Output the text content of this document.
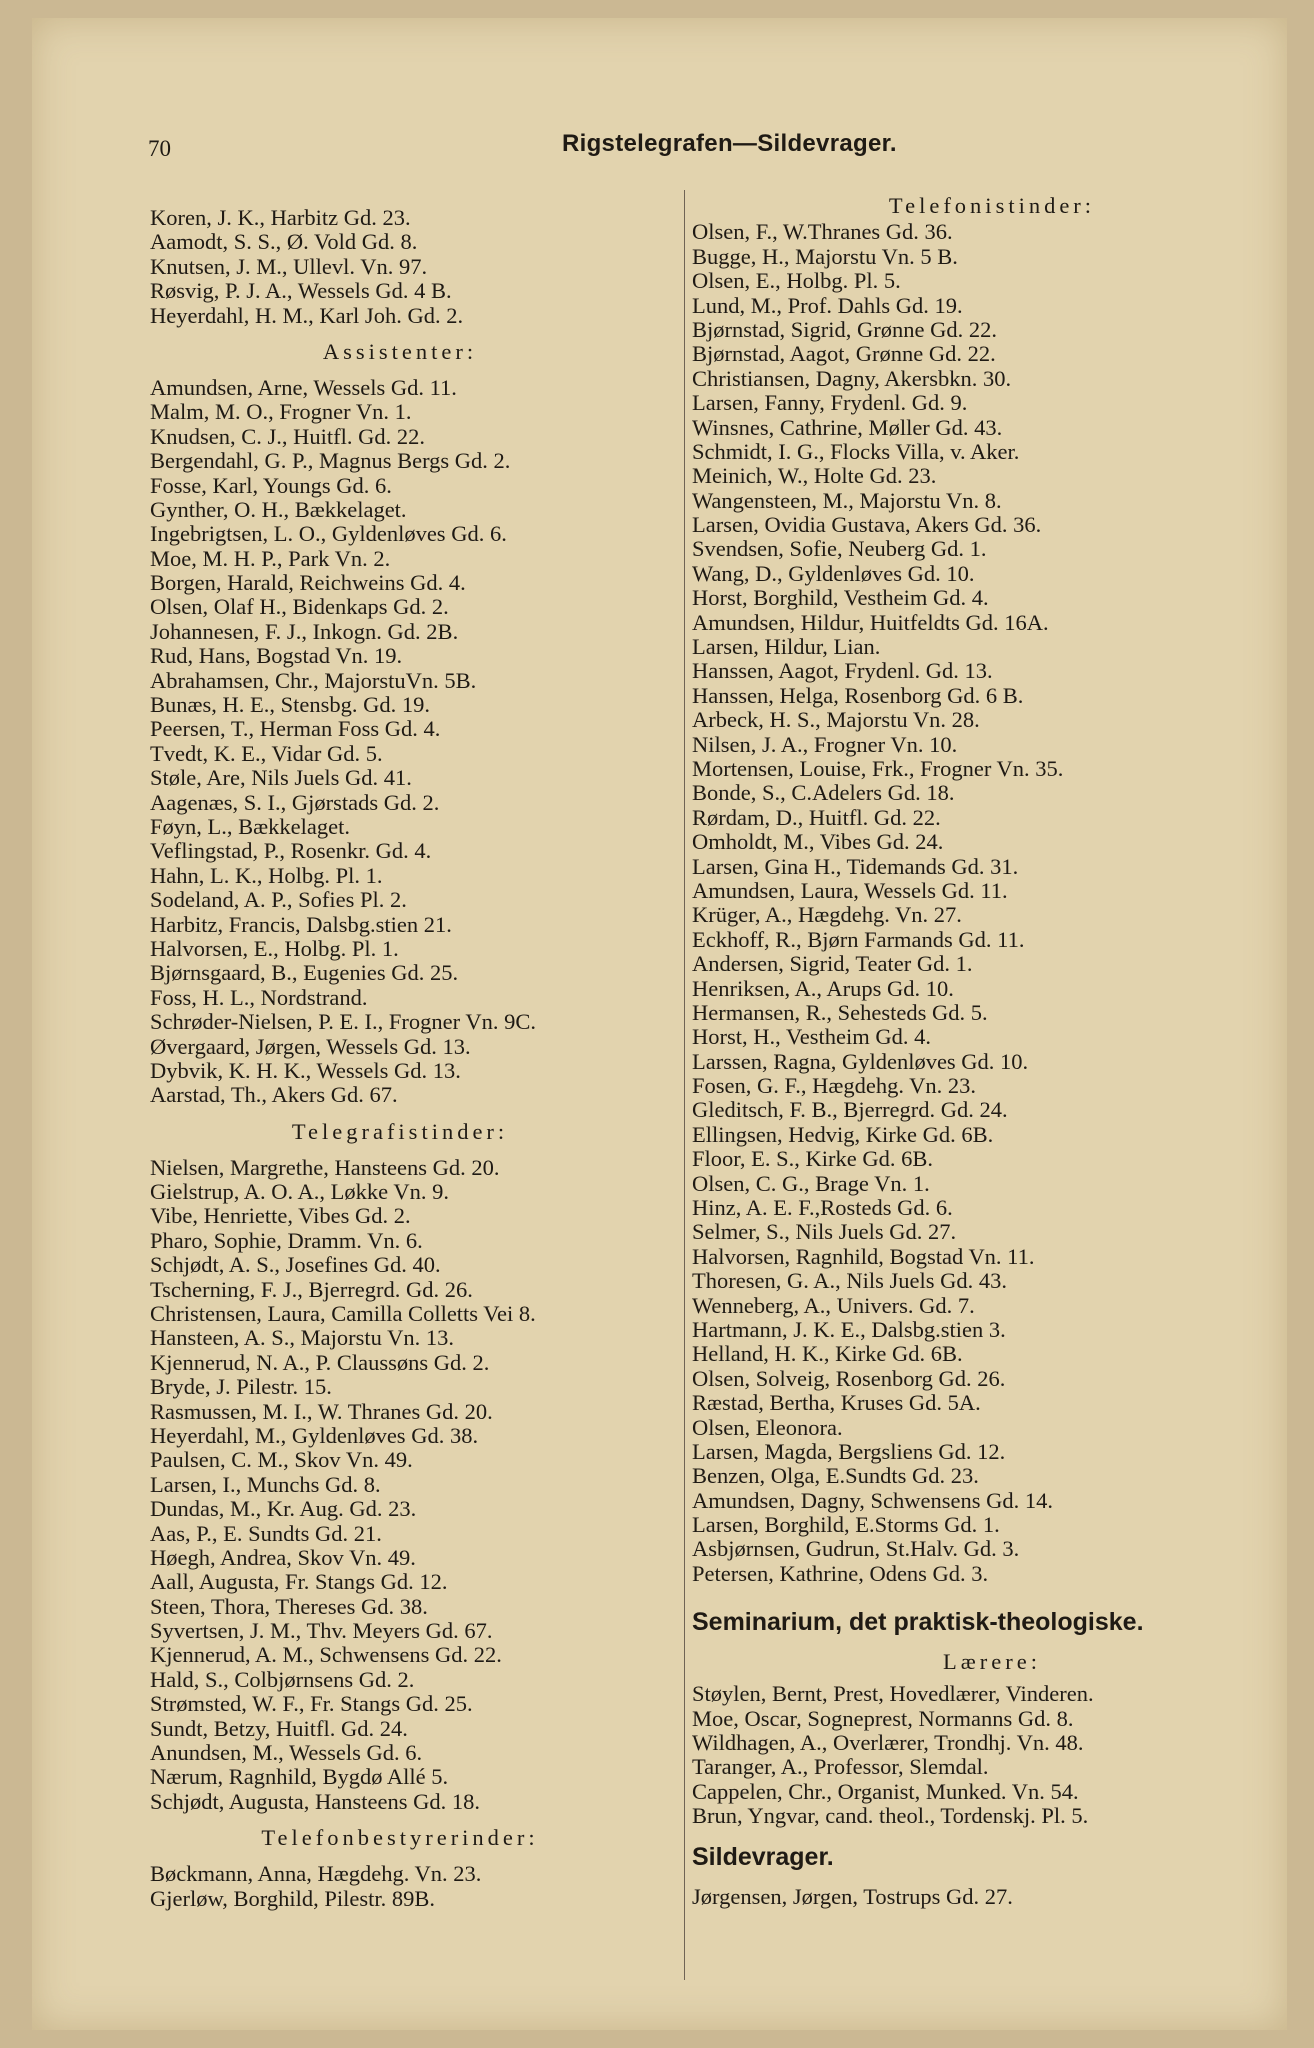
70	Rigstelegrafen—Sildevrager.
Koren, J. K., Harbitz Gd. 23.
Aamodt, S. S., Ø. Vold Gd. 8.
Knutsen, J. M., Ullevl. Vn. 97.
Røsvig, P. J. A., Wessels Gd. 4 B.
Heyerdahl, H. M., Karl Joh. Gd. 2.
Assistenter:
Amundsen, Arne, Wessels Gd. 11.
Malm, M. O., Frogner Vn. 1.
Knudsen, C. J., Huitfl. Gd. 22.
Bergendahl, G. P., Magnus Bergs Gd. 2.
Fosse, Karl, Youngs Gd. 6.
Gynther, O. H., Bækkelaget.
Ingebrigtsen, L. O., Gyldenløves Gd. 6.
Moe, M. H. P., Park Vn. 2.
Borgen, Harald, Reichweins Gd. 4.
Olsen, Olaf H., Bidenkaps Gd. 2.
Johannesen, F. J., Inkogn. Gd. 2B.
Rud, Hans, Bogstad Vn. 19.
Abrahamsen, Chr., MajorstuVn. 5B.
Bunæs, H. E., Stensbg. Gd. 19.
Peersen, T., Herman Foss Gd. 4.
Tvedt, K. E., Vidar Gd. 5.
Støle, Are, Nils Juels Gd. 41.
Aagenæs, S. I., Gjørstads Gd. 2.
Føyn, L., Bækkelaget.
Veflingstad, P., Rosenkr. Gd. 4.
Hahn, L. K., Holbg. Pl. 1.
Sodeland, A. P., Sofies Pl. 2.
Harbitz, Francis, Dalsbg.stien 21.
Halvorsen, E., Holbg. Pl. 1.
Bjørnsgaard, B., Eugenies Gd. 25.
Foss, H. L., Nordstrand.
Schrøder-Nielsen, P. E. I., Frogner Vn. 9C.
Øvergaard, Jørgen, Wessels Gd. 13.
Dybvik, K. H. K., Wessels Gd. 13.
Aarstad, Th., Akers Gd. 67.
Telegrafistinder:
Nielsen, Margrethe, Hansteens Gd. 20.
Gielstrup, A. O. A., Løkke Vn. 9.
Vibe, Henriette, Vibes Gd. 2.
Pharo, Sophie, Dramm. Vn. 6.
Schjødt, A. S., Josefines Gd. 40.
Tscherning, F. J., Bjerregrd. Gd. 26.
Christensen, Laura, Camilla Colletts Vei 8.
Hansteen, A. S., Majorstu Vn. 13.
Kjennerud, N. A., P. Claussøns Gd. 2.
Bryde, J. Pilestr. 15.
Rasmussen, M. I., W. Thranes Gd. 20.
Heyerdahl, M., Gyldenløves Gd. 38.
Paulsen, C. M., Skov Vn. 49.
Larsen, I., Munchs Gd. 8.
Dundas, M., Kr. Aug. Gd. 23.
Aas, P., E. Sundts Gd. 21.
Høegh, Andrea, Skov Vn. 49.
Aall, Augusta, Fr. Stangs Gd. 12.
Steen, Thora, Thereses Gd. 38.
Syvertsen, J. M., Thv. Meyers Gd. 67.
Kjennerud, A. M., Schwensens Gd. 22.
Hald, S., Colbjørnsens Gd. 2.
Strømsted, W. F., Fr. Stangs Gd. 25.
Sundt, Betzy, Huitfl. Gd. 24.
Anundsen, M., Wessels Gd. 6.
Nærum, Ragnhild, Bygdø Allé 5.
Schjødt, Augusta, Hansteens Gd. 18.
Telefonbestyrerinder:
Bøckmann, Anna, Hægdehg. Vn. 23.
Gjerløw, Borghild, Pilestr. 89B.
Telefonistinder:
Olsen, F., W.Thranes Gd. 36.
Bugge, H., Majorstu Vn. 5 B.
Olsen, E., Holbg. Pl. 5.
Lund, M., Prof. Dahls Gd. 19.
Bjørnstad, Sigrid, Grønne Gd. 22.
Bjørnstad, Aagot, Grønne Gd. 22.
Christiansen, Dagny, Akersbkn. 30.
Larsen, Fanny, Frydenl. Gd. 9.
Winsnes, Cathrine, Møller Gd. 43.
Schmidt, I. G., Flocks Villa, v. Aker.
Meinich, W., Holte Gd. 23.
Wangensteen, M., Majorstu Vn. 8.
Larsen, Ovidia Gustava, Akers Gd. 36.
Svendsen, Sofie, Neuberg Gd. 1.
Wang, D., Gyldenløves Gd. 10.
Horst, Borghild, Vestheim Gd. 4.
Amundsen, Hildur, Huitfeldts Gd. 16A.
Larsen, Hildur, Lian.
Hanssen, Aagot, Frydenl. Gd. 13.
Hanssen, Helga, Rosenborg Gd. 6 B.
Arbeck, H. S., Majorstu Vn. 28.
Nilsen, J. A., Frogner Vn. 10.
Mortensen, Louise, Frk., Frogner Vn. 35.
Bonde, S., C.Adelers Gd. 18.
Rørdam, D., Huitfl. Gd. 22.
Omholdt, M., Vibes Gd. 24.
Larsen, Gina H., Tidemands Gd. 31.
Amundsen, Laura, Wessels Gd. 11.
Krüger, A., Hægdehg. Vn. 27.
Eckhoff, R., Bjørn Farmands Gd. 11.
Andersen, Sigrid, Teater Gd. 1.
Henriksen, A., Arups Gd. 10.
Hermansen, R., Sehesteds Gd. 5.
Horst, H., Vestheim Gd. 4.
Larssen, Ragna, Gyldenløves Gd. 10.
Fosen, G. F., Hægdehg. Vn. 23.
Gleditsch, F. B., Bjerregrd. Gd. 24.
Ellingsen, Hedvig, Kirke Gd. 6B.
Floor, E. S., Kirke Gd. 6B.
Olsen, C. G., Brage Vn. 1.
Hinz, A. E. F.,Rosteds Gd. 6.
Selmer, S., Nils Juels Gd. 27.
Halvorsen, Ragnhild, Bogstad Vn. 11.
Thoresen, G. A., Nils Juels Gd. 43.
Wenneberg, A., Univers. Gd. 7.
Hartmann, J. K. E., Dalsbg.stien 3.
Helland, H. K., Kirke Gd. 6B.
Olsen, Solveig, Rosenborg Gd. 26.
Ræstad, Bertha, Kruses Gd. 5A.
Olsen, Eleonora.
Larsen, Magda, Bergsliens Gd. 12.
Benzen, Olga, E.Sundts Gd. 23.
Amundsen, Dagny, Schwensens Gd. 14.
Larsen, Borghild, E.Storms Gd. 1.
Asbjørnsen, Gudrun, St.Halv. Gd. 3.
Petersen, Kathrine, Odens Gd. 3.
Seminarium, det praktisk-theologiske.
Lærere:
Støylen, Bernt, Prest, Hovedlærer, Vinderen.
Moe, Oscar, Sogneprest, Normanns Gd. 8.
Wildhagen, A., Overlærer, Trondhj. Vn. 48.
Taranger, A., Professor, Slemdal.
Cappelen, Chr., Organist, Munked. Vn. 54.
Brun, Yngvar, cand. theol., Tordenskj. Pl. 5.
Sildevrager.
Jørgensen, Jørgen, Tostrups Gd. 27.
